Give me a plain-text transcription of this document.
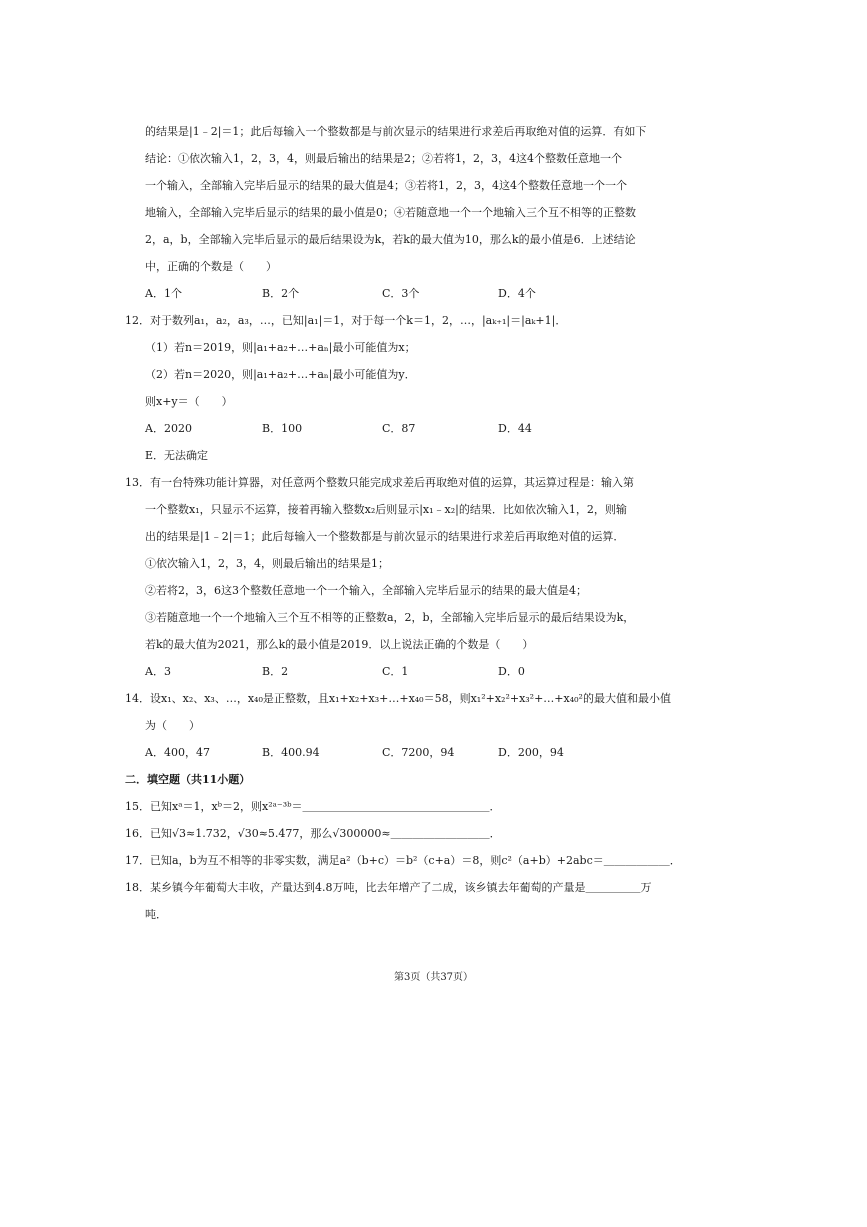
的结果是|1﹣2|＝1；此后每输入一个整数都是与前次显示的结果进行求差后再取绝对值的运算．有如下
结论：①依次输入1，2，3，4，则最后输出的结果是2；②若将1，2，3，4这4个整数任意地一个
一个输入，全部输入完毕后显示的结果的最大值是4；③若将1，2，3，4这4个整数任意地一个一个
地输入，全部输入完毕后显示的结果的最小值是0；④若随意地一个一个地输入三个互不相等的正整数
2，a，b，全部输入完毕后显示的最后结果设为k，若k的最大值为10，那么k的最小值是6．上述结论
中，正确的个数是（　　）
A．1个	B．2个	C．3个	D．4个
12．对于数列a₁，a₂，a₃，…，已知|a₁|＝1，对于每一个k＝1，2，…，|aₖ₊₁|＝|aₖ+1|．
（1）若n＝2019，则|a₁+a₂+…+aₙ|最小可能值为x；
（2）若n＝2020，则|a₁+a₂+…+aₙ|最小可能值为y．
则x+y＝（　　）
A．2020	B．100	C．87	D．44
E．无法确定
13．有一台特殊功能计算器，对任意两个整数只能完成求差后再取绝对值的运算，其运算过程是：输入第
一个整数x₁，只显示不运算，接着再输入整数x₂后则显示|x₁﹣x₂|的结果．比如依次输入1，2，则输
出的结果是|1﹣2|＝1；此后每输入一个整数都是与前次显示的结果进行求差后再取绝对值的运算．
①依次输入1，2，3，4，则最后输出的结果是1；
②若将2，3，6这3个整数任意地一个一个输入，全部输入完毕后显示的结果的最大值是4；
③若随意地一个一个地输入三个互不相等的正整数a，2，b，全部输入完毕后显示的最后结果设为k，
若k的最大值为2021，那么k的最小值是2019．以上说法正确的个数是（　　）
A．3	B．2	C．1	D．0
14．设x₁、x₂、x₃、…，x₄₀是正整数，且x₁+x₂+x₃+…+x₄₀＝58，则x₁²+x₂²+x₃²+…+x₄₀²的最大值和最小值
为（　　）
A．400，47	B．400.94	C．7200，94	D．200，94
二．填空题（共11小题）
15．已知xᵃ＝1，xᵇ＝2，则x²ᵃ⁻³ᵇ＝＿＿＿＿＿＿＿＿＿＿＿＿＿＿＿＿＿．
16．已知√3≈1.732，√30≈5.477，那么√300000≈＿＿＿＿＿＿＿＿＿．
17．已知a，b为互不相等的非零实数，满足a²（b+c）＝b²（c+a）＝8，则c²（a+b）+2abc＝＿＿＿＿＿＿．
18．某乡镇今年葡萄大丰收，产量达到4.8万吨，比去年增产了二成，该乡镇去年葡萄的产量是＿＿＿＿＿万
吨．
第3页（共37页）
